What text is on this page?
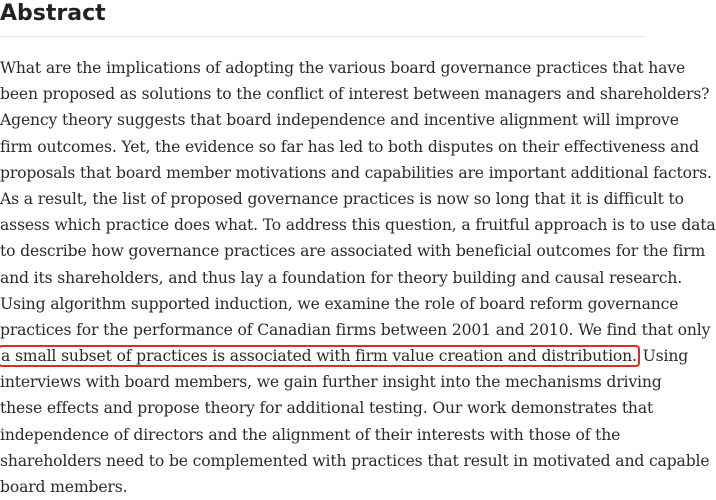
Abstract
What are the implications of adopting the various board governance practices that have
been proposed as solutions to the conflict of interest between managers and shareholders?
Agency theory suggests that board independence and incentive alignment will improve
firm outcomes. Yet, the evidence so far has led to both disputes on their effectiveness and
proposals that board member motivations and capabilities are important additional factors.
As a result, the list of proposed governance practices is now so long that it is difficult to
assess which practice does what. To address this question, a fruitful approach is to use data
to describe how governance practices are associated with beneficial outcomes for the firm
and its shareholders, and thus lay a foundation for theory building and causal research.
Using algorithm supported induction, we examine the role of board reform governance
practices for the performance of Canadian firms between 2001 and 2010. We find that only
a small subset of practices is associated with firm value creation and distribution. Using
interviews with board members, we gain further insight into the mechanisms driving
these effects and propose theory for additional testing. Our work demonstrates that
independence of directors and the alignment of their interests with those of the
shareholders need to be complemented with practices that result in motivated and capable
board members.
